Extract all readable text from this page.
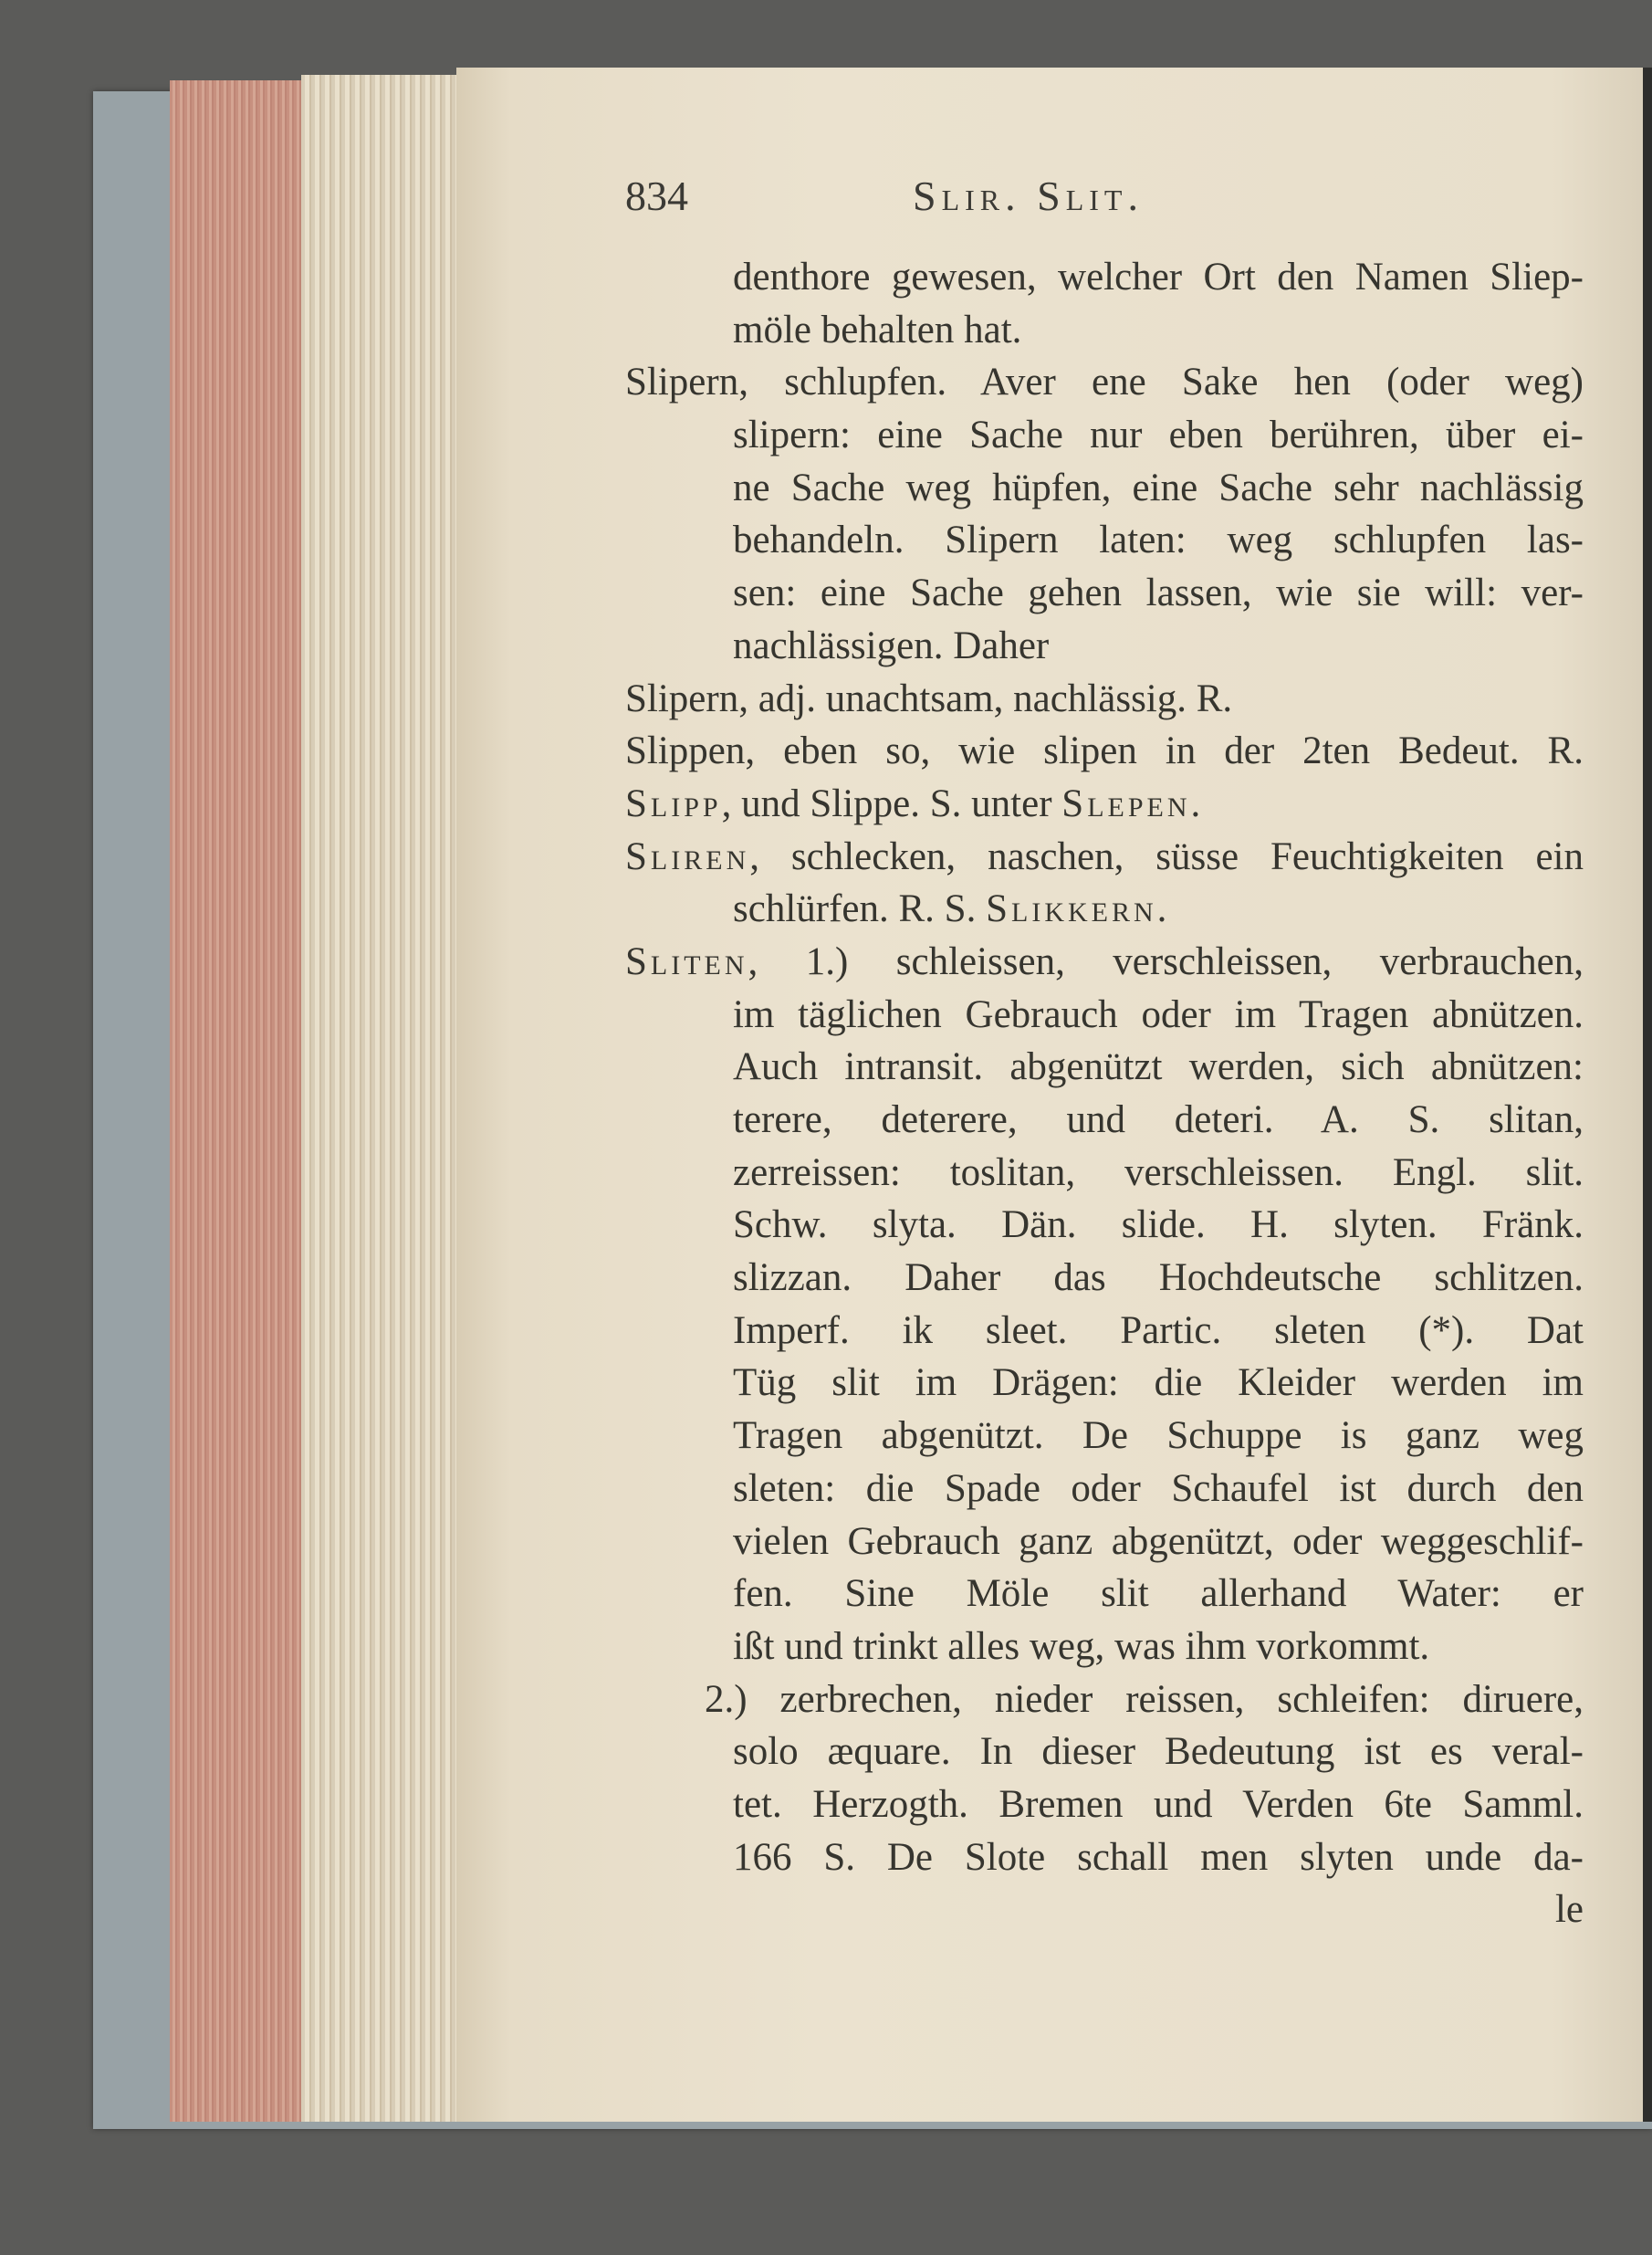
834	Slir. Slit.
denthore gewesen, welcher Ort den Namen Sliep-
möle behalten hat.
Slipern, schlupfen. Aver ene Sake hen (oder weg)
slipern: eine Sache nur eben berühren, über ei-
ne Sache weg hüpfen, eine Sache sehr nachlässig
behandeln. Slipern laten: weg schlupfen las-
sen: eine Sache gehen lassen, wie sie will: ver-
nachlässigen. Daher
Slipern, adj. unachtsam, nachlässig. R.
Slippen, eben so, wie slipen in der 2ten Bedeut. R.
Slipp, und Slippe. S. unter Slepen.
Sliren, schlecken, naschen, süsse Feuchtigkeiten ein
schlürfen. R. S. Slikkern.
Sliten, 1.) schleissen, verschleissen, verbrauchen,
im täglichen Gebrauch oder im Tragen abnützen.
Auch intransit. abgenützt werden, sich abnützen:
terere, deterere, und deteri. A. S. slitan,
zerreissen: toslitan, verschleissen. Engl. slit.
Schw. slyta. Dän. slide. H. slyten. Fränk.
slizzan. Daher das Hochdeutsche schlitzen.
Imperf. ik sleet. Partic. sleten (*). Dat
Tüg slit im Drägen: die Kleider werden im
Tragen abgenützt. De Schuppe is ganz weg
sleten: die Spade oder Schaufel ist durch den
vielen Gebrauch ganz abgenützt, oder weggeschlif-
fen. Sine Möle slit allerhand Water: er
ißt und trinkt alles weg, was ihm vorkommt.
2.) zerbrechen, nieder reissen, schleifen: diruere,
solo æquare. In dieser Bedeutung ist es veral-
tet. Herzogth. Bremen und Verden 6te Samml.
166 S. De Slote schall men slyten unde da-
le
